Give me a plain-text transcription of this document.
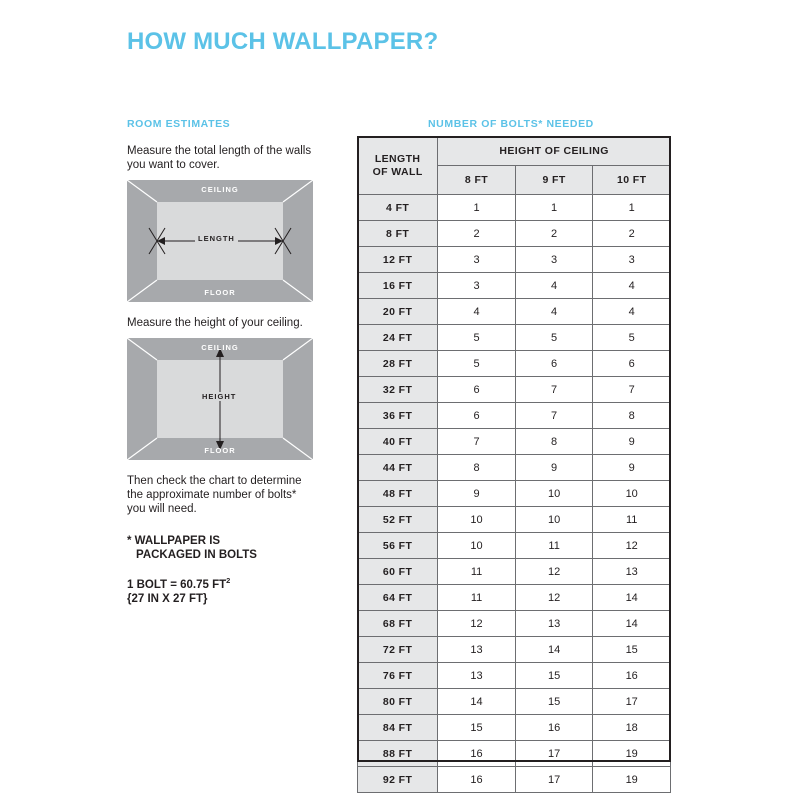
HOW MUCH WALLPAPER?
ROOM ESTIMATES	NUMBER OF BOLTS* NEEDED

Measure the total length of the walls you want to cover.

CEILING
FLOOR
LENGTH

Measure the height of your ceiling.

CEILING
FLOOR
HEIGHT

Then check the chart to determine the approximate number of bolts* you will need.

* WALLPAPER IS
PACKAGED IN BOLTS

1 BOLT = 60.75 $FT^2$
{27 IN X 27 FT}

LENGTH
OF WALL	HEIGHT OF CEILING		
	8 FT	9 FT	10 FT
4 FT	1	1	1
8 FT	2	2	2
12 FT	3	3	3
16 FT	3	4	4
20 FT	4	4	4
24 FT	5	5	5
28 FT	5	6	6
32 FT	6	7	7
36 FT	6	7	8
40 FT	7	8	9
44 FT	8	9	9
48 FT	9	10	10
52 FT	10	10	11
56 FT	10	11	12
60 FT	11	12	13
64 FT	11	12	14
68 FT	12	13	14
72 FT	13	14	15
76 FT	13	15	16
80 FT	14	15	17
84 FT	15	16	18
88 FT	16	17	19
92 FT	16	17	19
